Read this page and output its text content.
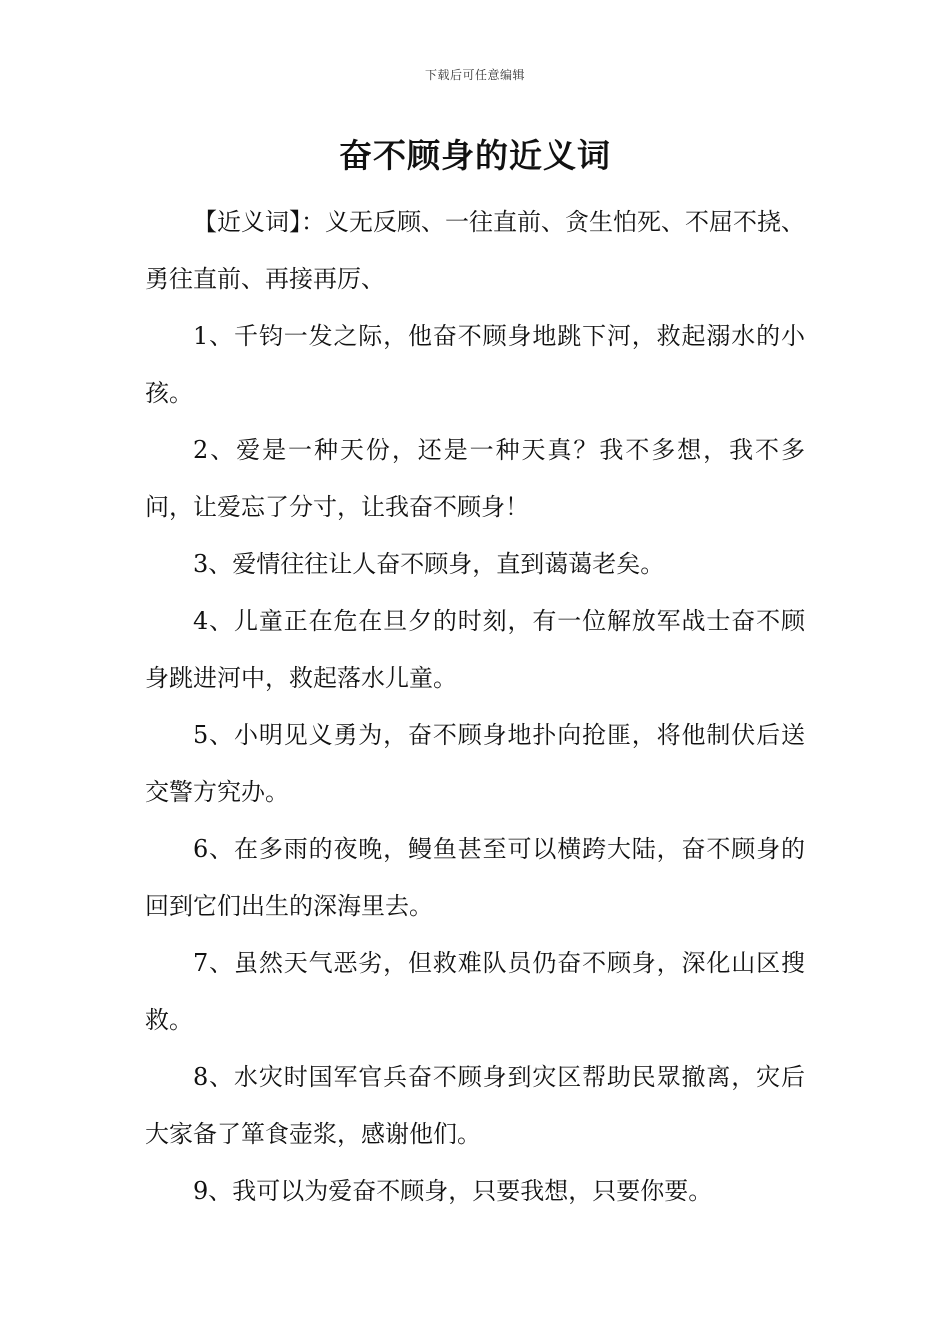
下载后可任意编辑
奋不顾身的近义词

【近义词】：义无反顾、一往直前、贪生怕死、不屈不挠、勇往直前、再接再厉、

1、千钧一发之际，他奋不顾身地跳下河，救起溺水的小孩。

2、爱是一种天份，还是一种天真？我不多想，我不多问，让爱忘了分寸，让我奋不顾身！

3、爱情往往让人奋不顾身，直到蔼蔼老矣。

4、儿童正在危在旦夕的时刻，有一位解放军战士奋不顾身跳进河中，救起落水儿童。

5、小明见义勇为，奋不顾身地扑向抢匪，将他制伏后送交警方究办。

6、在多雨的夜晚，鳗鱼甚至可以横跨大陆，奋不顾身的回到它们出生的深海里去。

7、虽然天气恶劣，但救难队员仍奋不顾身，深化山区搜救。

8、水灾时国军官兵奋不顾身到灾区帮助民眾撤离，灾后大家备了箪食壶浆，感谢他们。

9、我可以为爱奋不顾身，只要我想，只要你要。
